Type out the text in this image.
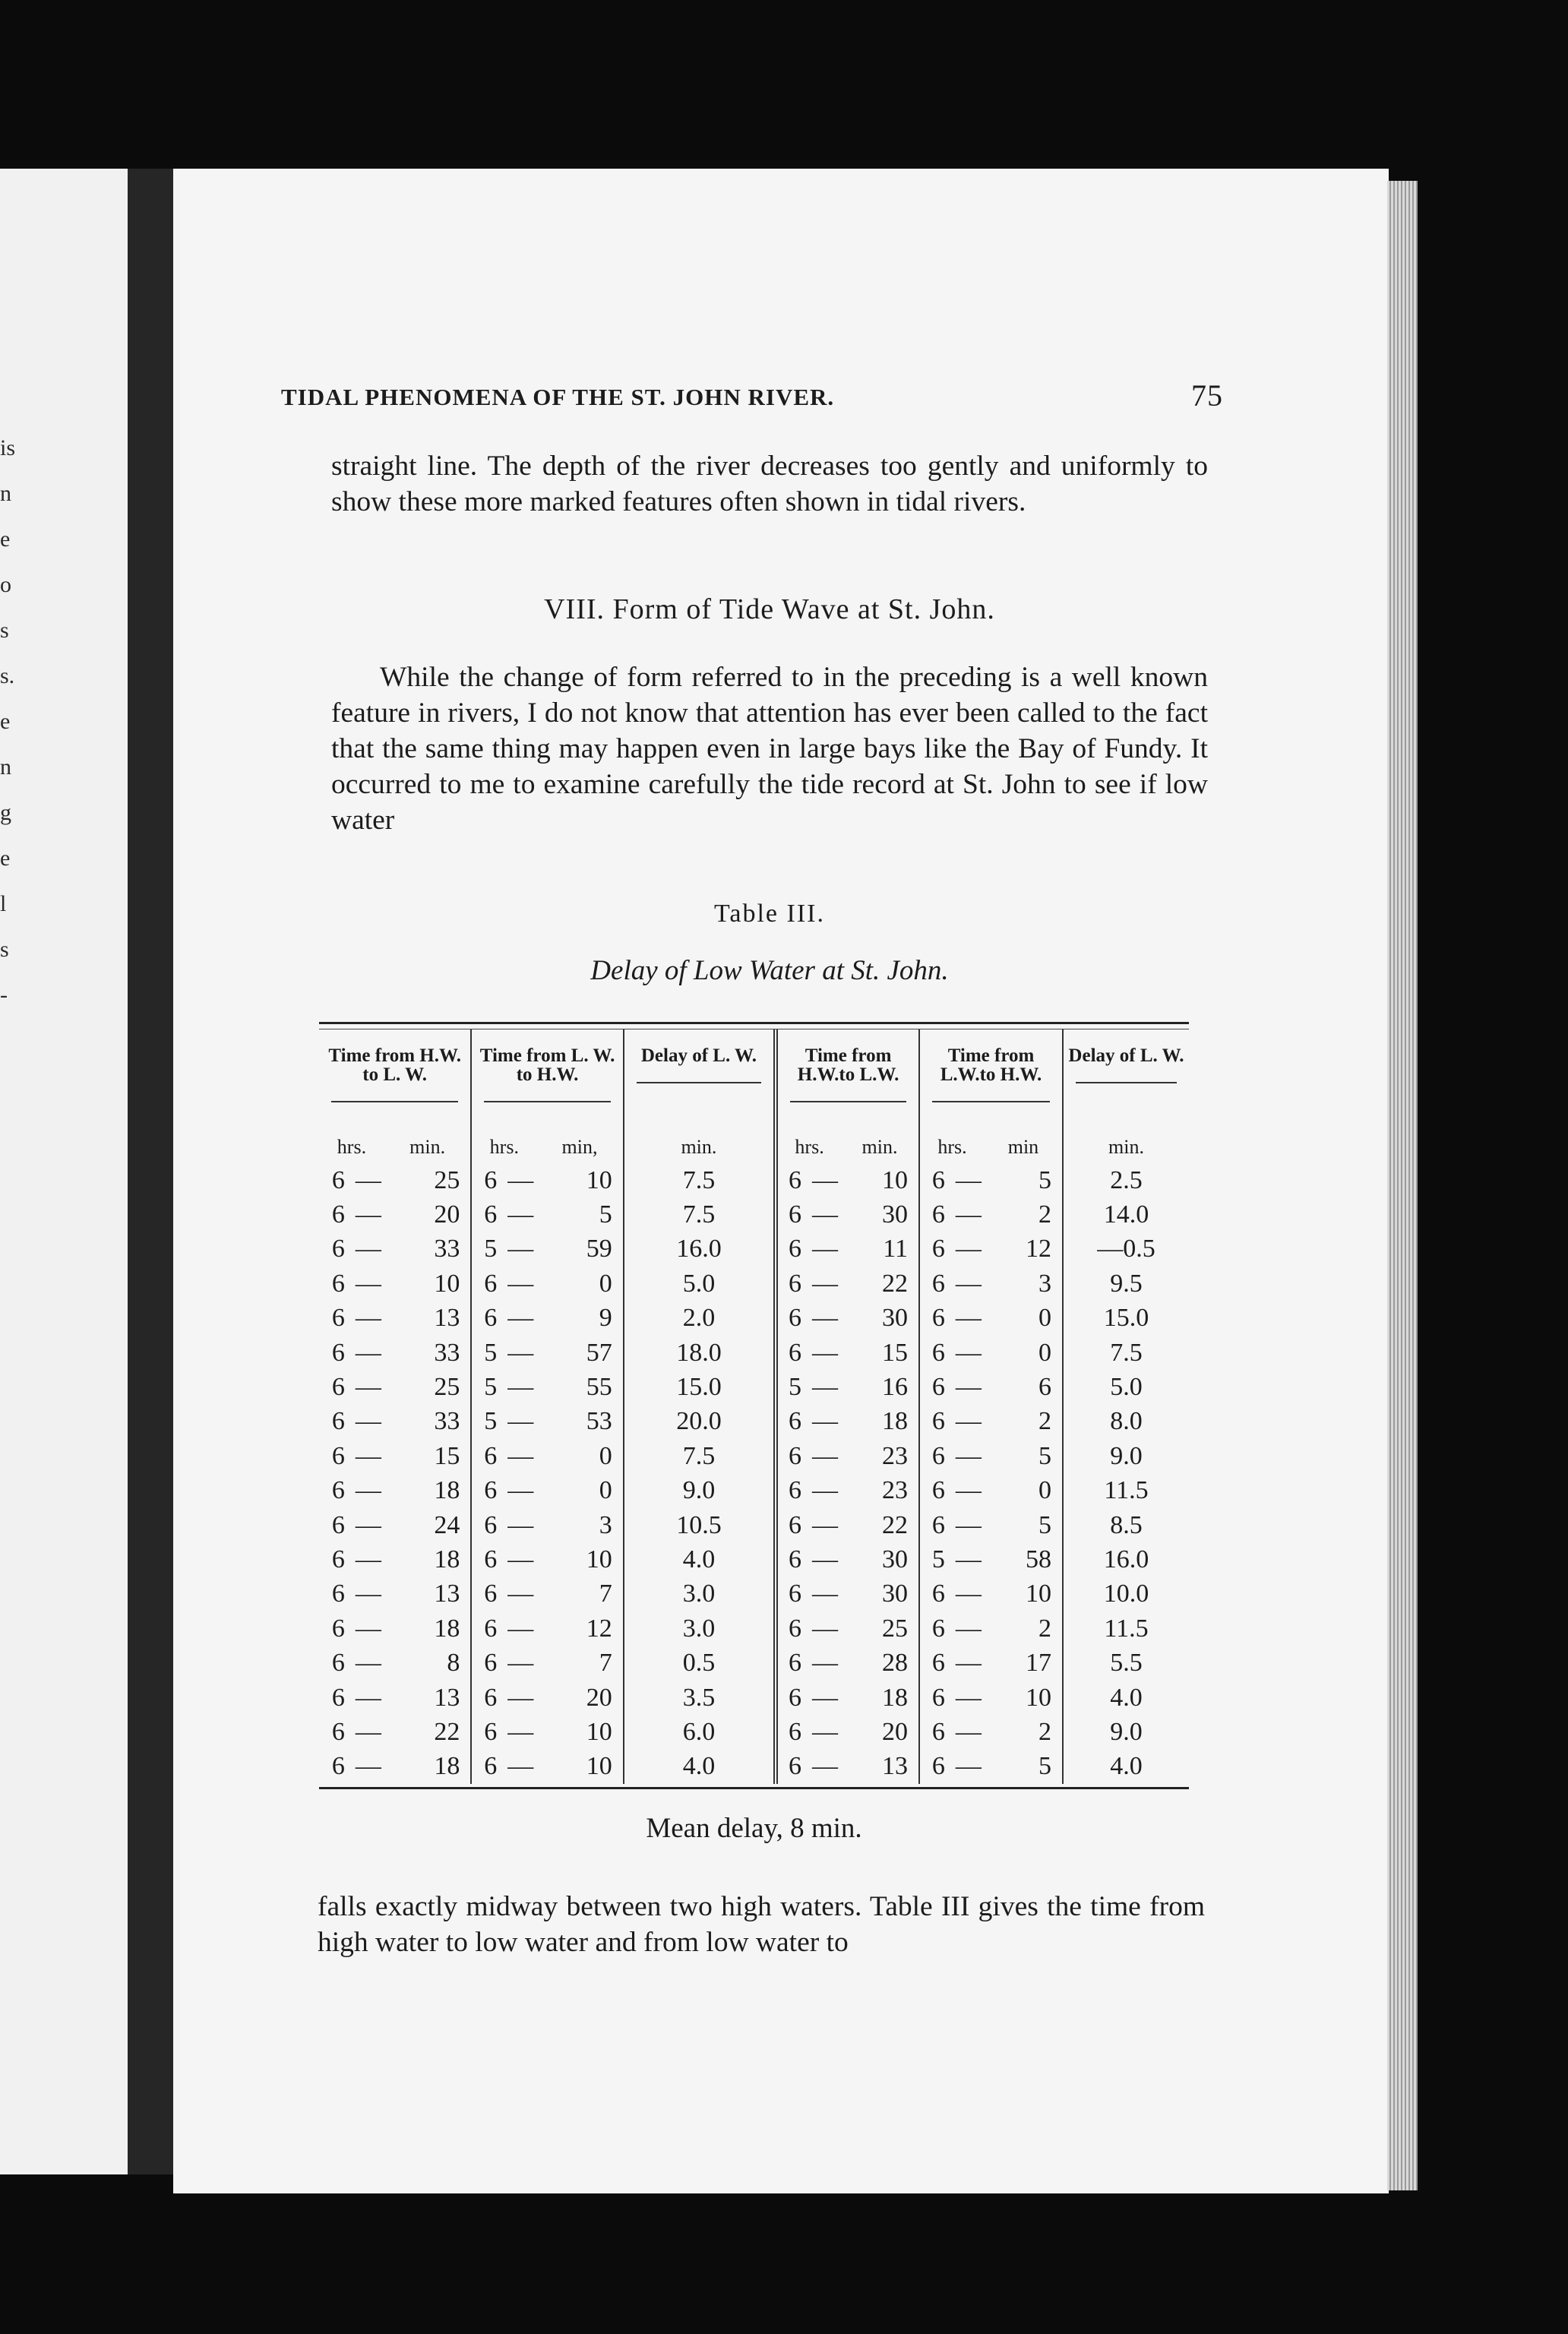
is
n
e
o
s
s.
e
n
g
e
l
s
-
TIDAL PHENOMENA OF THE ST. JOHN RIVER.	75

straight line. The depth of the river decreases too gently and uniformly to show these more marked features often shown in tidal rivers.

VIII. Form of Tide Wave at St. John.

While the change of form referred to in the preceding is a well known feature in rivers, I do not know that attention has ever been called to the fact that the same thing may happen even in large bays like the Bay of Fundy. It occurred to me to examine carefully the tide record at St. John to see if low water

Table III.
Delay of Low Water at St. John.
Time from H.W. to L. W.		Time from L. W. to H.W.		Delay of L. W.	Time from H.W.to L.W.		Time from L.W.to H.W.		Delay of L. W.

hrs.	min.	hrs.	min,	min.	hrs.	min.	hrs.	min	min.
6 —	25	6 —	10	7.5	6 —	10	6 —	5	2.5
6 —	20	6 —	5	7.5	6 —	30	6 —	2	14.0
6 —	33	5 —	59	16.0	6 —	11	6 —	12	—0.5
6 —	10	6 —	0	5.0	6 —	22	6 —	3	9.5
6 —	13	6 —	9	2.0	6 —	30	6 —	0	15.0
6 —	33	5 —	57	18.0	6 —	15	6 —	0	7.5
6 —	25	5 —	55	15.0	5 —	16	6 —	6	5.0
6 —	33	5 —	53	20.0	6 —	18	6 —	2	8.0
6 —	15	6 —	0	7.5	6 —	23	6 —	5	9.0
6 —	18	6 —	0	9.0	6 —	23	6 —	0	11.5
6 —	24	6 —	3	10.5	6 —	22	6 —	5	8.5
6 —	18	6 —	10	4.0	6 —	30	5 —	58	16.0
6 —	13	6 —	7	3.0	6 —	30	6 —	10	10.0
6 —	18	6 —	12	3.0	6 —	25	6 —	2	11.5
6 —	8	6 —	7	0.5	6 —	28	6 —	17	5.5
6 —	13	6 —	20	3.5	6 —	18	6 —	10	4.0
6 —	22	6 —	10	6.0	6 —	20	6 —	2	9.0
6 —	18	6 —	10	4.0	6 —	13	6 —	5	4.0
Mean delay, 8 min.

falls exactly midway between two high waters. Table III gives the time from high water to low water and from low water to
